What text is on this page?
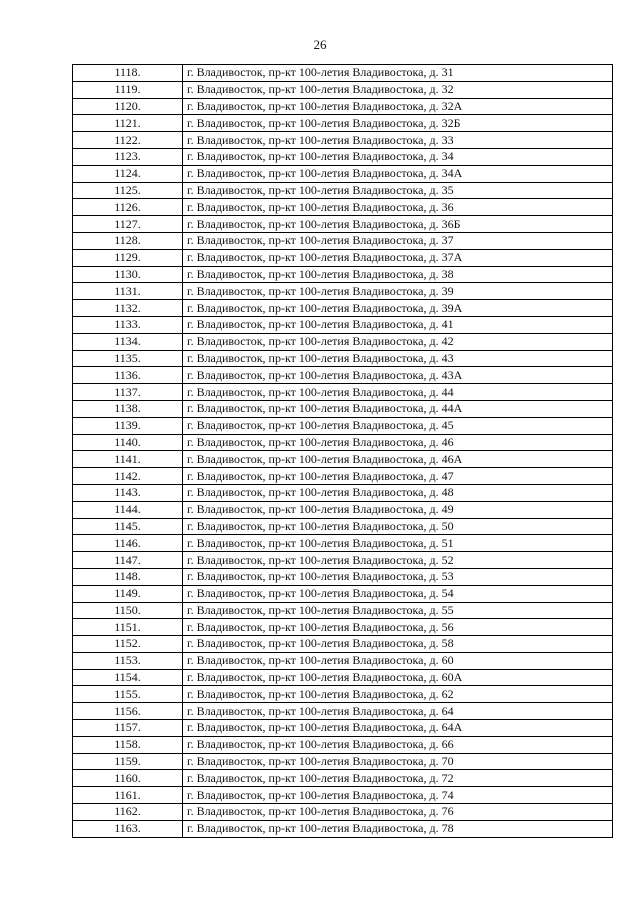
26
1118.	г. Владивосток, пр-кт 100-летия Владивостока, д. 31
1119.	г. Владивосток, пр-кт 100-летия Владивостока, д. 32
1120.	г. Владивосток, пр-кт 100-летия Владивостока, д. 32А
1121.	г. Владивосток, пр-кт 100-летия Владивостока, д. 32Б
1122.	г. Владивосток, пр-кт 100-летия Владивостока, д. 33
1123.	г. Владивосток, пр-кт 100-летия Владивостока, д. 34
1124.	г. Владивосток, пр-кт 100-летия Владивостока, д. 34А
1125.	г. Владивосток, пр-кт 100-летия Владивостока, д. 35
1126.	г. Владивосток, пр-кт 100-летия Владивостока, д. 36
1127.	г. Владивосток, пр-кт 100-летия Владивостока, д. 36Б
1128.	г. Владивосток, пр-кт 100-летия Владивостока, д. 37
1129.	г. Владивосток, пр-кт 100-летия Владивостока, д. 37А
1130.	г. Владивосток, пр-кт 100-летия Владивостока, д. 38
1131.	г. Владивосток, пр-кт 100-летия Владивостока, д. 39
1132.	г. Владивосток, пр-кт 100-летия Владивостока, д. 39А
1133.	г. Владивосток, пр-кт 100-летия Владивостока, д. 41
1134.	г. Владивосток, пр-кт 100-летия Владивостока, д. 42
1135.	г. Владивосток, пр-кт 100-летия Владивостока, д. 43
1136.	г. Владивосток, пр-кт 100-летия Владивостока, д. 43А
1137.	г. Владивосток, пр-кт 100-летия Владивостока, д. 44
1138.	г. Владивосток, пр-кт 100-летия Владивостока, д. 44А
1139.	г. Владивосток, пр-кт 100-летия Владивостока, д. 45
1140.	г. Владивосток, пр-кт 100-летия Владивостока, д. 46
1141.	г. Владивосток, пр-кт 100-летия Владивостока, д. 46А
1142.	г. Владивосток, пр-кт 100-летия Владивостока, д. 47
1143.	г. Владивосток, пр-кт 100-летия Владивостока, д. 48
1144.	г. Владивосток, пр-кт 100-летия Владивостока, д. 49
1145.	г. Владивосток, пр-кт 100-летия Владивостока, д. 50
1146.	г. Владивосток, пр-кт 100-летия Владивостока, д. 51
1147.	г. Владивосток, пр-кт 100-летия Владивостока, д. 52
1148.	г. Владивосток, пр-кт 100-летия Владивостока, д. 53
1149.	г. Владивосток, пр-кт 100-летия Владивостока, д. 54
1150.	г. Владивосток, пр-кт 100-летия Владивостока, д. 55
1151.	г. Владивосток, пр-кт 100-летия Владивостока, д. 56
1152.	г. Владивосток, пр-кт 100-летия Владивостока, д. 58
1153.	г. Владивосток, пр-кт 100-летия Владивостока, д. 60
1154.	г. Владивосток, пр-кт 100-летия Владивостока, д. 60А
1155.	г. Владивосток, пр-кт 100-летия Владивостока, д. 62
1156.	г. Владивосток, пр-кт 100-летия Владивостока, д. 64
1157.	г. Владивосток, пр-кт 100-летия Владивостока, д. 64А
1158.	г. Владивосток, пр-кт 100-летия Владивостока, д. 66
1159.	г. Владивосток, пр-кт 100-летия Владивостока, д. 70
1160.	г. Владивосток, пр-кт 100-летия Владивостока, д. 72
1161.	г. Владивосток, пр-кт 100-летия Владивостока, д. 74
1162.	г. Владивосток, пр-кт 100-летия Владивостока, д. 76
1163.	г. Владивосток, пр-кт 100-летия Владивостока, д. 78
